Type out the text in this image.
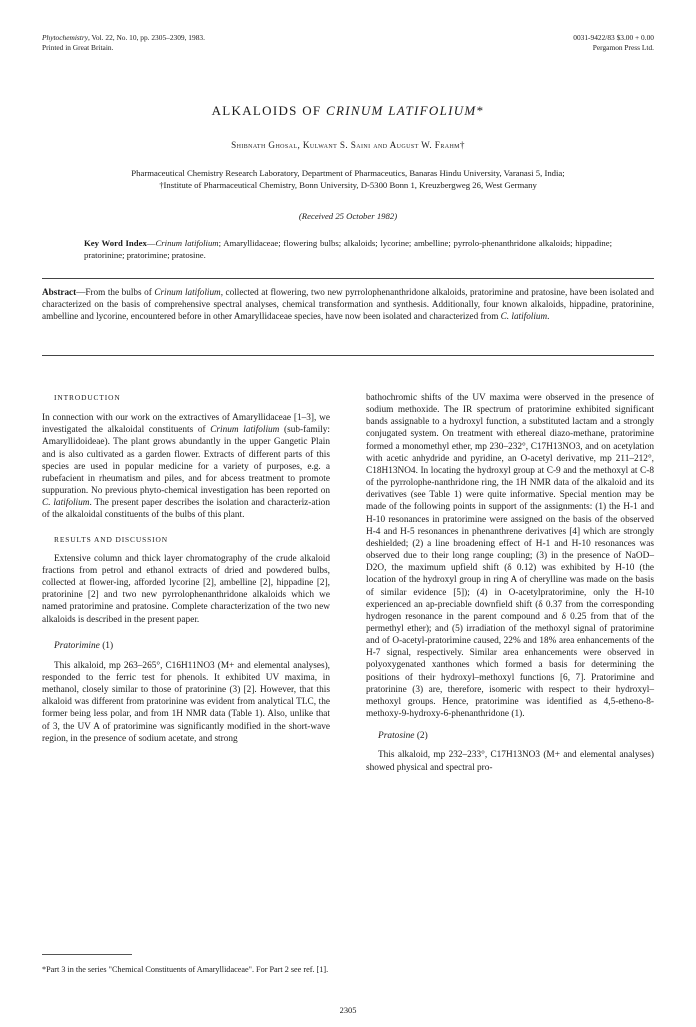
Phytochemistry, Vol. 22, No. 10, pp. 2305–2309, 1983.
Printed in Great Britain.
0031-9422/83 $3.00 + 0.00
Pergamon Press Ltd.
ALKALOIDS OF CRINUM LATIFOLIUM*
Shibnath Ghosal, Kulwant S. Saini and August W. Frahm†
Pharmaceutical Chemistry Research Laboratory, Department of Pharmaceutics, Banaras Hindu University, Varanasi 5, India;
†Institute of Pharmaceutical Chemistry, Bonn University, D-5300 Bonn 1, Kreuzbergweg 26, West Germany
(Received 25 October 1982)
Key Word Index—Crinum latifolium; Amaryllidaceae; flowering bulbs; alkaloids; lycorine; ambelline; pyrrolo-phenanthridone alkaloids; hippadine; pratorinine; pratorimine; pratosine.
Abstract—From the bulbs of Crinum latifolium, collected at flowering, two new pyrrolophenanthridone alkaloids, pratorimine and pratosine, have been isolated and characterized on the basis of comprehensive spectral analyses, chemical transformation and synthesis. Additionally, four known alkaloids, hippadine, pratorinine, ambelline and lycorine, encountered before in other Amaryllidaceae species, have now been isolated and characterized from C. latifolium.

INTRODUCTION

In connection with our work on the extractives of Amaryllidaceae [1–3], we investigated the alkaloidal constituents of Crinum latifolium (sub-family: Amaryllidoideae). The plant grows abundantly in the upper Gangetic Plain and is also cultivated as a garden flower. Extracts of different parts of this species are used in popular medicine for a variety of purposes, e.g. a rubefacient in rheumatism and piles, and for abcess treatment to promote suppuration. No previous phyto-chemical investigation has been reported on C. latifolium. The present paper describes the isolation and characteriz-ation of the alkaloidal constituents of the bulbs of this plant.

RESULTS AND DISCUSSION

Extensive column and thick layer chromatography of the crude alkaloid fractions from petrol and ethanol extracts of dried and powdered bulbs, collected at flower-ing, afforded lycorine [2], ambelline [2], hippadine [2], pratorinine [2] and two new pyrrolophenanthridone alkaloids which we named pratorimine and pratosine. Complete characterization of the two new alkaloids is described in the present paper.

Pratorimine (1)

This alkaloid, mp 263–265°, C16H11NO3 (M+ and elemental analyses), responded to the ferric test for phenols. It exhibited UV maxima, in methanol, closely similar to those of pratorinine (3) [2]. However, that this alkaloid was different from pratorinine was evident from analytical TLC, the former being less polar, and from 1H NMR data (Table 1). Also, unlike that of 3, the UV A of pratorimine was significantly modified in the short-wave region, in the presence of sodium acetate, and strong

*Part 3 in the series "Chemical Constituents of Amaryllidaceae". For Part 2 see ref. [1].

bathochromic shifts of the UV maxima were observed in the presence of sodium methoxide. The IR spectrum of pratorimine exhibited significant bands assignable to a hydroxyl function, a substituted lactam and a strongly conjugated system. On treatment with ethereal diazo-methane, pratorimine formed a monomethyl ether, mp 230–232°, C17H13NO3, and on acetylation with acetic anhydride and pyridine, an O-acetyl derivative, mp 211–212°, C18H13NO4. In locating the hydroxyl group at C-9 and the methoxyl at C-8 of the pyrrolophe-nanthridone ring, the 1H NMR data of the alkaloid and its derivatives (see Table 1) were quite informative. Special mention may be made of the following points in support of the assignments: (1) the H-1 and H-10 resonances in pratorimine were assigned on the basis of the observed H-4 and H-5 resonances in phenanthrene derivatives [4] which are strongly deshielded; (2) a line broadening effect of H-1 and H-10 resonances was observed due to their long range coupling; (3) in the presence of NaOD–D2O, the maximum upfield shift (δ 0.12) was exhibited by H-10 (the location of the hydroxyl group in ring A of cherylline was made on the basis of similar evidence [5]); (4) in O-acetylpratorimine, only the H-10 experienced an ap-preciable downfield shift (δ 0.37 from the corresponding hydrogen resonance in the parent compound and δ 0.25 from that of the permethyl ether); and (5) irradiation of the methoxyl signal of pratorimine and of O-acetyl-pratorimine caused, 22% and 18% area enhancements of the H-7 signal, respectively. Similar area enhancements were observed in polyoxygenated xanthones which formed a basis for determining the positions of their hydroxyl–methoxyl functions [6, 7]. Pratorimine and pratorinine (3) are, therefore, isomeric with respect to their hydroxyl–methoxyl groups. Hence, pratorimine was identified as 4,5-etheno-8-methoxy-9-hydroxy-6-phenanthridone (1).

Pratosine (2)

This alkaloid, mp 232–233°, C17H13NO3 (M+ and elemental analyses) showed physical and spectral pro-

2305
